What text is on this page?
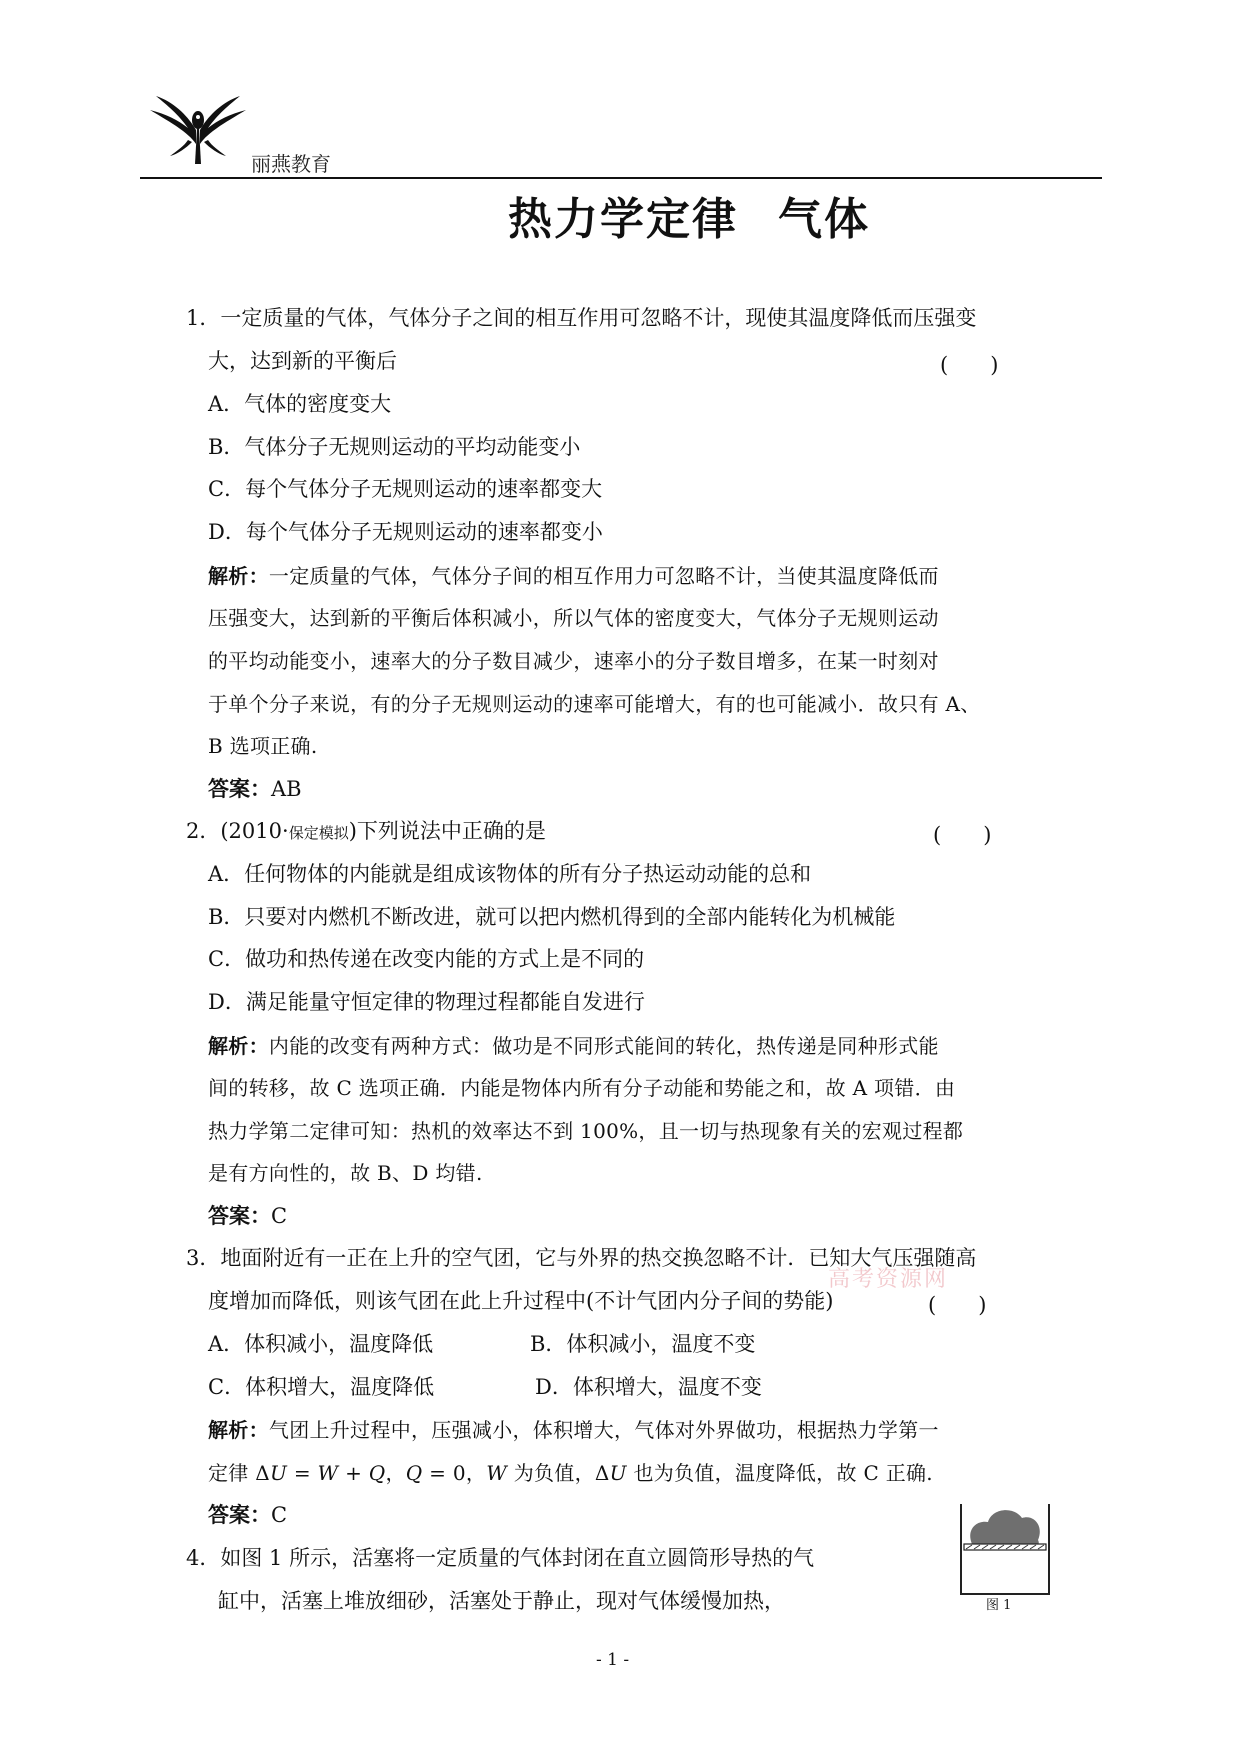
丽燕教育
热力学定律 气体
1．一定质量的气体，气体分子之间的相互作用可忽略不计，现使其温度降低而压强变
大，达到新的平衡后	(　　)
A．气体的密度变大
B．气体分子无规则运动的平均动能变小
C．每个气体分子无规则运动的速率都变大
D．每个气体分子无规则运动的速率都变小
解析：一定质量的气体，气体分子间的相互作用力可忽略不计，当使其温度降低而
压强变大，达到新的平衡后体积减小，所以气体的密度变大，气体分子无规则运动
的平均动能变小，速率大的分子数目减少，速率小的分子数目增多，在某一时刻对
于单个分子来说，有的分子无规则运动的速率可能增大，有的也可能减小．故只有 A、
B 选项正确.
答案：AB
2．(2010·保定模拟)下列说法中正确的是	(　　)
A．任何物体的内能就是组成该物体的所有分子热运动动能的总和
B．只要对内燃机不断改进，就可以把内燃机得到的全部内能转化为机械能
C．做功和热传递在改变内能的方式上是不同的
D．满足能量守恒定律的物理过程都能自发进行
解析：内能的改变有两种方式：做功是不同形式能间的转化，热传递是同种形式能
间的转移，故 C 选项正确．内能是物体内所有分子动能和势能之和，故 A 项错．由
热力学第二定律可知：热机的效率达不到 100%，且一切与热现象有关的宏观过程都
是有方向性的，故 B、D 均错.
答案：C
3．地面附近有一正在上升的空气团，它与外界的热交换忽略不计．已知大气压强随高
高考资源网
度增加而降低，则该气团在此上升过程中(不计气团内分子间的势能)	(　　)
A．体积减小，温度降低	B．体积减小，温度不变
C．体积增大，温度降低	D．体积增大，温度不变
解析：气团上升过程中，压强减小，体积增大，气体对外界做功，根据热力学第一
定律 ΔU = W + Q，Q = 0，W 为负值，ΔU 也为负值，温度降低，故 C 正确.
答案：C
4．如图 1 所示，活塞将一定质量的气体封闭在直立圆筒形导热的气
缸中，活塞上堆放细砂，活塞处于静止，现对气体缓慢加热，	图 1
- 1 -
